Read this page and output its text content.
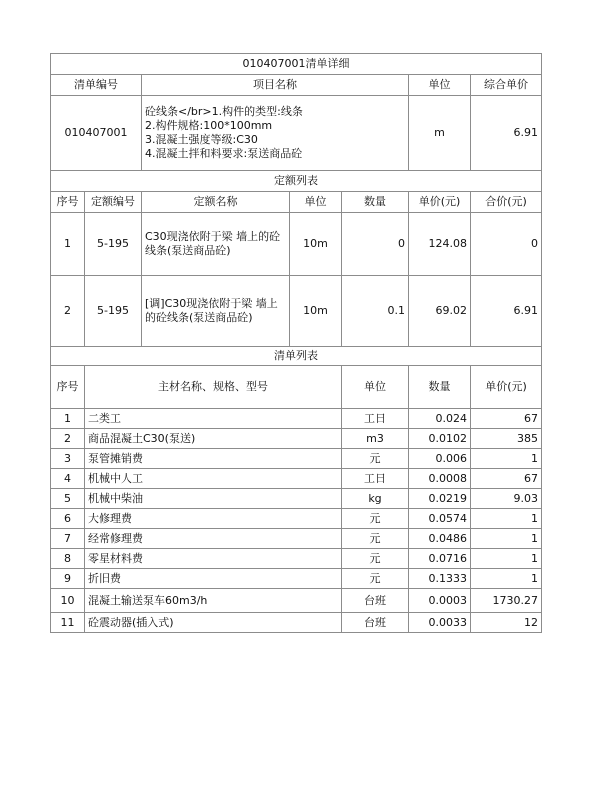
010407001清单详细							
清单编号		项目名称			单位	综合单价	
010407001		砼线条</br>1.构件的类型:线条
2.构件规格:100*100mm
3.混凝土强度等级:C30
4.混凝土拌和料要求:泵送商品砼			m	6.91	
定额列表							
序号	定额编号	定额名称	单位	数量	单价(元)	合价(元)	
1	5-195	C30现浇依附于梁 墙上的砼线条(泵送商品砼)	10m	0	124.08	0	
2	5-195	[调]C30现浇依附于梁 墙上的砼线条(泵送商品砼)	10m	0.1	69.02	6.91	
清单列表							
序号	主材名称、规格、型号			单位	数量	单价(元)	
1	二类工			工日	0.024	67	
2	商品混凝土C30(泵送)			m3	0.0102	385	
3	泵管摊销费			元	0.006	1	
4	机械中人工			工日	0.0008	67	
5	机械中柴油			kg	0.0219	9.03	
6	大修理费			元	0.0574	1	
7	经常修理费			元	0.0486	1	
8	零星材料费			元	0.0716	1	
9	折旧费			元	0.1333	1	
10	混凝土输送泵车60m3/h			台班	0.0003	1730.27	
11	砼震动器(插入式)			台班	0.0033	12	
